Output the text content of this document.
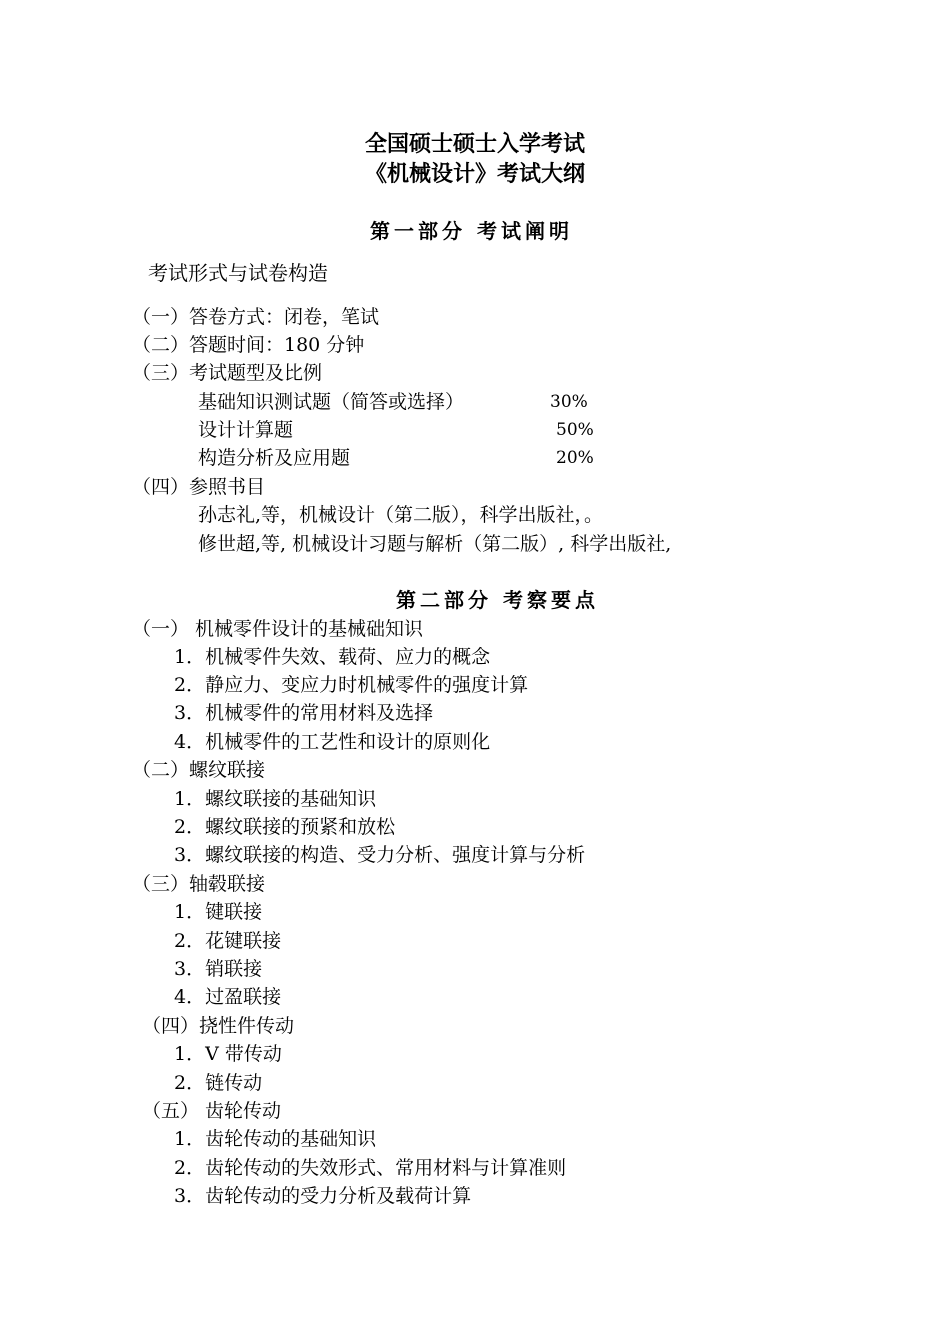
全国硕士硕士入学考试
《机械设计》考试大纲
第一部分 考试阐明
考试形式与试卷构造
（一）答卷方式：闭卷，笔试
（二）答题时间：180 分钟
（三）考试题型及比例
基础知识测试题（简答或选择）	30%
设计计算题	50%
构造分析及应用题	20%
（四）参照书目
孙志礼,等，机械设计（第二版），科学出版社，。
修世超,等, 机械设计习题与解析（第二版）, 科学出版社,
第二部分 考察要点
（一） 机械零件设计的基械础知识
1．机械零件失效、载荷、应力的概念
2．静应力、变应力时机械零件的强度计算
3．机械零件的常用材料及选择
4．机械零件的工艺性和设计的原则化
（二）螺纹联接
1．螺纹联接的基础知识
2．螺纹联接的预紧和放松
3．螺纹联接的构造、受力分析、强度计算与分析
（三）轴毂联接
1．键联接
2．花键联接
3．销联接
4．过盈联接
（四）挠性件传动
1．V 带传动
2．链传动
（五） 齿轮传动
1．齿轮传动的基础知识
2．齿轮传动的失效形式、常用材料与计算准则
3．齿轮传动的受力分析及载荷计算
